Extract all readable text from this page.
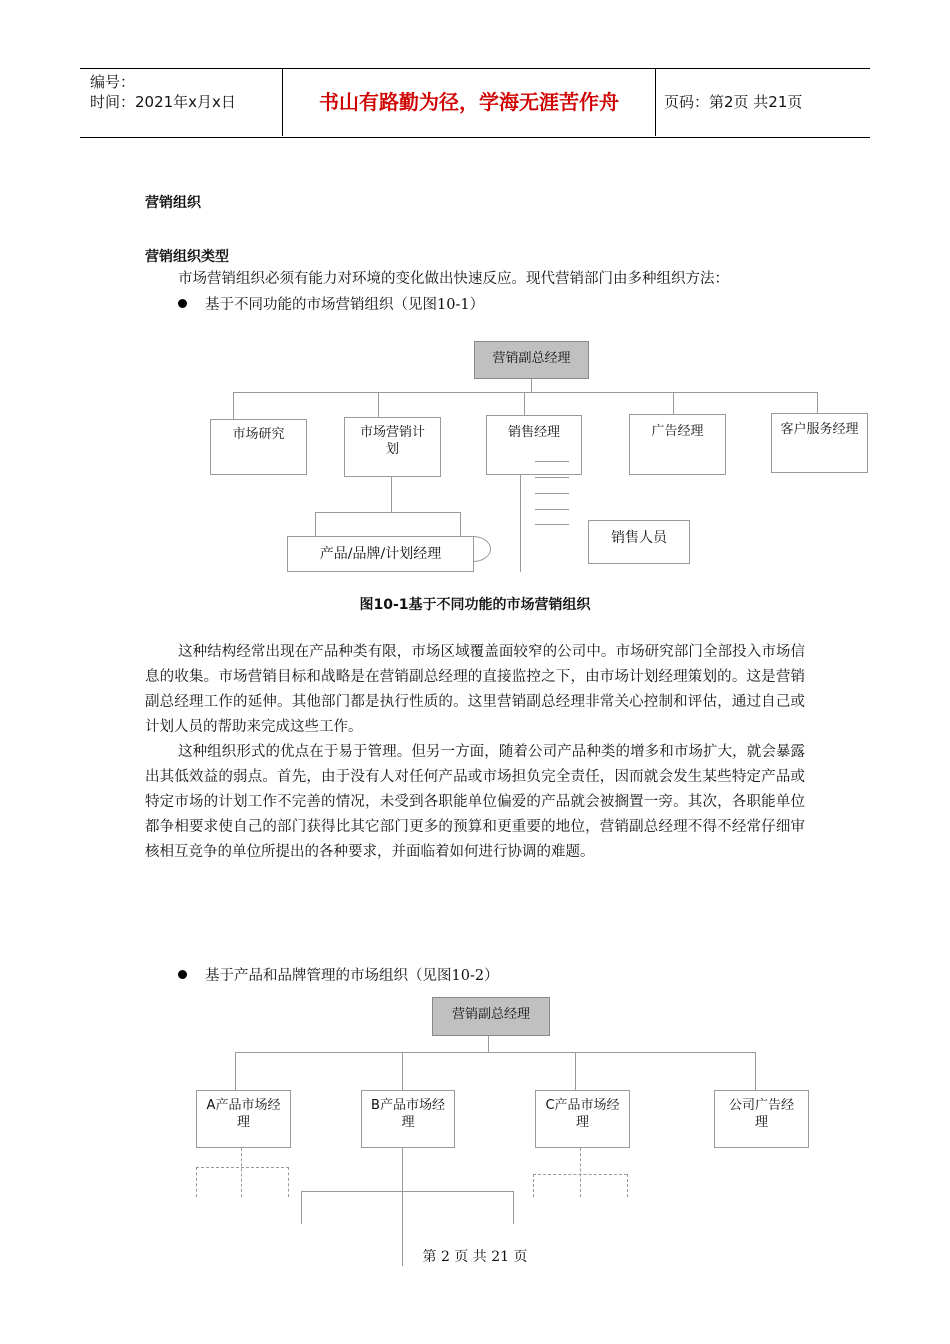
编号：
时间：2021年x月x日	书山有路勤为径，学海无涯苦作舟	页码：第2页 共21页
营销组织
营销组织类型
市场营销组织必须有能力对环境的变化做出快速反应。现代营销部门由多种组织方法：
基于不同功能的市场营销组织（见图10-1）
营销副总经理
市场研究	市场营销计划
销售经理	广告经理	客户服务经理
产品/品牌/计划经理
销售人员
图10-1基于不同功能的市场营销组织
这种结构经常出现在产品种类有限，市场区域覆盖面较窄的公司中。市场研究部门全部投入市场信息的收集。市场营销目标和战略是在营销副总经理的直接监控之下，由市场计划经理策划的。这是营销副总经理工作的延伸。其他部门都是执行性质的。这里营销副总经理非常关心控制和评估，通过自己或计划人员的帮助来完成这些工作。
这种组织形式的优点在于易于管理。但另一方面，随着公司产品种类的增多和市场扩大，就会暴露出其低效益的弱点。首先，由于没有人对任何产品或市场担负完全责任，因而就会发生某些特定产品或特定市场的计划工作不完善的情况，未受到各职能单位偏爱的产品就会被搁置一旁。其次，各职能单位都争相要求使自己的部门获得比其它部门更多的预算和更重要的地位，营销副总经理不得不经常仔细审核相互竞争的单位所提出的各种要求，并面临着如何进行协调的难题。
基于产品和品牌管理的市场组织（见图10-2）
营销副总经理
A产品市场经理
B产品市场经理
C产品市场经理
公司广告经理
第 2 页 共 21 页
